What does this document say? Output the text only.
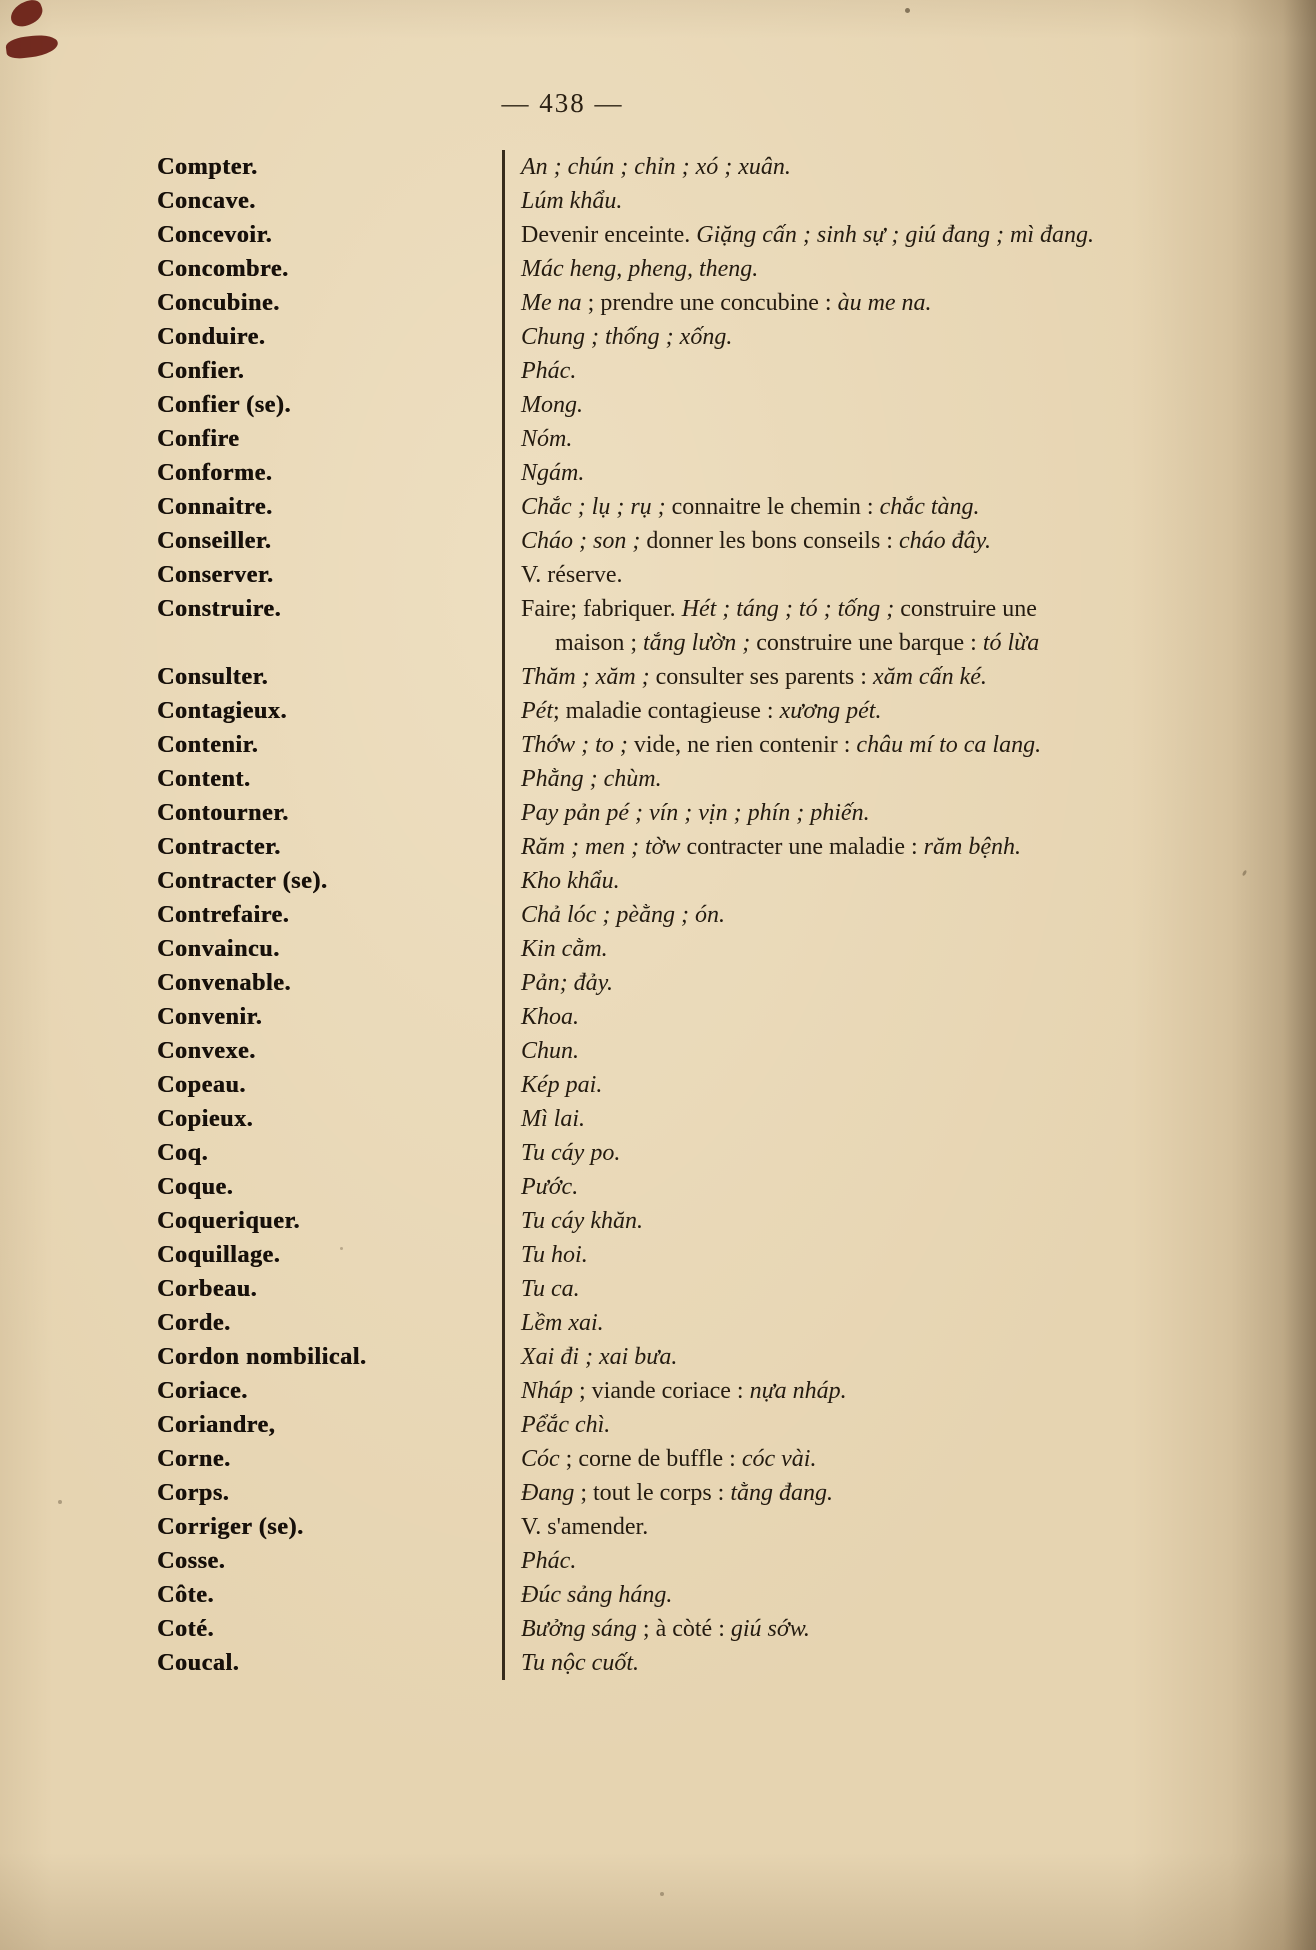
— 438 —
Compter.	An ; chún ; chỉn ; xó ; xuân.
Concave.	Lúm khẩu.
Concevoir.	Devenir enceinte. Giặng cấn ; sinh sự ; giú đang ; mì đang.
Concombre.	Mác heng, pheng, theng.
Concubine.	Me na ; prendre une concubine : àu me na.
Conduire.	Chung ; thống ; xống.
Confier.	Phác.
Confier (se).	Mong.
Confire	Nóm.
Conforme.	Ngám.
Connaitre.	Chắc ; lụ ; rụ ; connaitre le chemin : chắc tàng.
Conseiller.	Cháo ; son ; donner les bons conseils : cháo đây.
Conserver.	V. réserve.
Construire.	Faire; fabriquer. Hét ; táng ; tó ; tống ; construire une
maison ; tắng lườn ; construire une barque : tó lừa
Consulter.	Thăm ; xăm ; consulter ses parents : xăm cấn ké.
Contagieux.	Pét; maladie contagieuse : xương pét.
Contenir.	Thớw ; to ; vide, ne rien contenir : châu mí to ca lang.
Content.	Phằng ; chùm.
Contourner.	Pay pản pé ; vín ; vịn ; phín ; phiến.
Contracter.	Răm ; men ; tờw contracter une maladie : răm bệnh.
Contracter (se).	Kho khẩu.
Contrefaire.	Chả lóc ; pèằng ; ón.
Convaincu.	Kin cằm.
Convenable.	Pản; đảy.
Convenir.	Khoa.
Convexe.	Chun.
Copeau.	Kép pai.
Copieux.	Mì lai.
Coq.	Tu cáy po.
Coque.	Pước.
Coqueriquer.	Tu cáy khăn.
Coquillage.	Tu hoi.
Corbeau.	Tu ca.
Corde.	Lềm xai.
Cordon nombilical.	Xai đi ; xai bưa.
Coriace.	Nháp ; viande coriace : nựa nháp.
Coriandre,	Pểắc chì.
Corne.	Cóc ; corne de buffle : cóc vài.
Corps.	Đang ; tout le corps : tằng đang.
Corriger (se).	V. s'amender.
Cosse.	Phác.
Côte.	Đúc sảng háng.
Coté.	Bưởng sáng ; à còté : giú sớw.
Coucal.	Tu nộc cuốt.
